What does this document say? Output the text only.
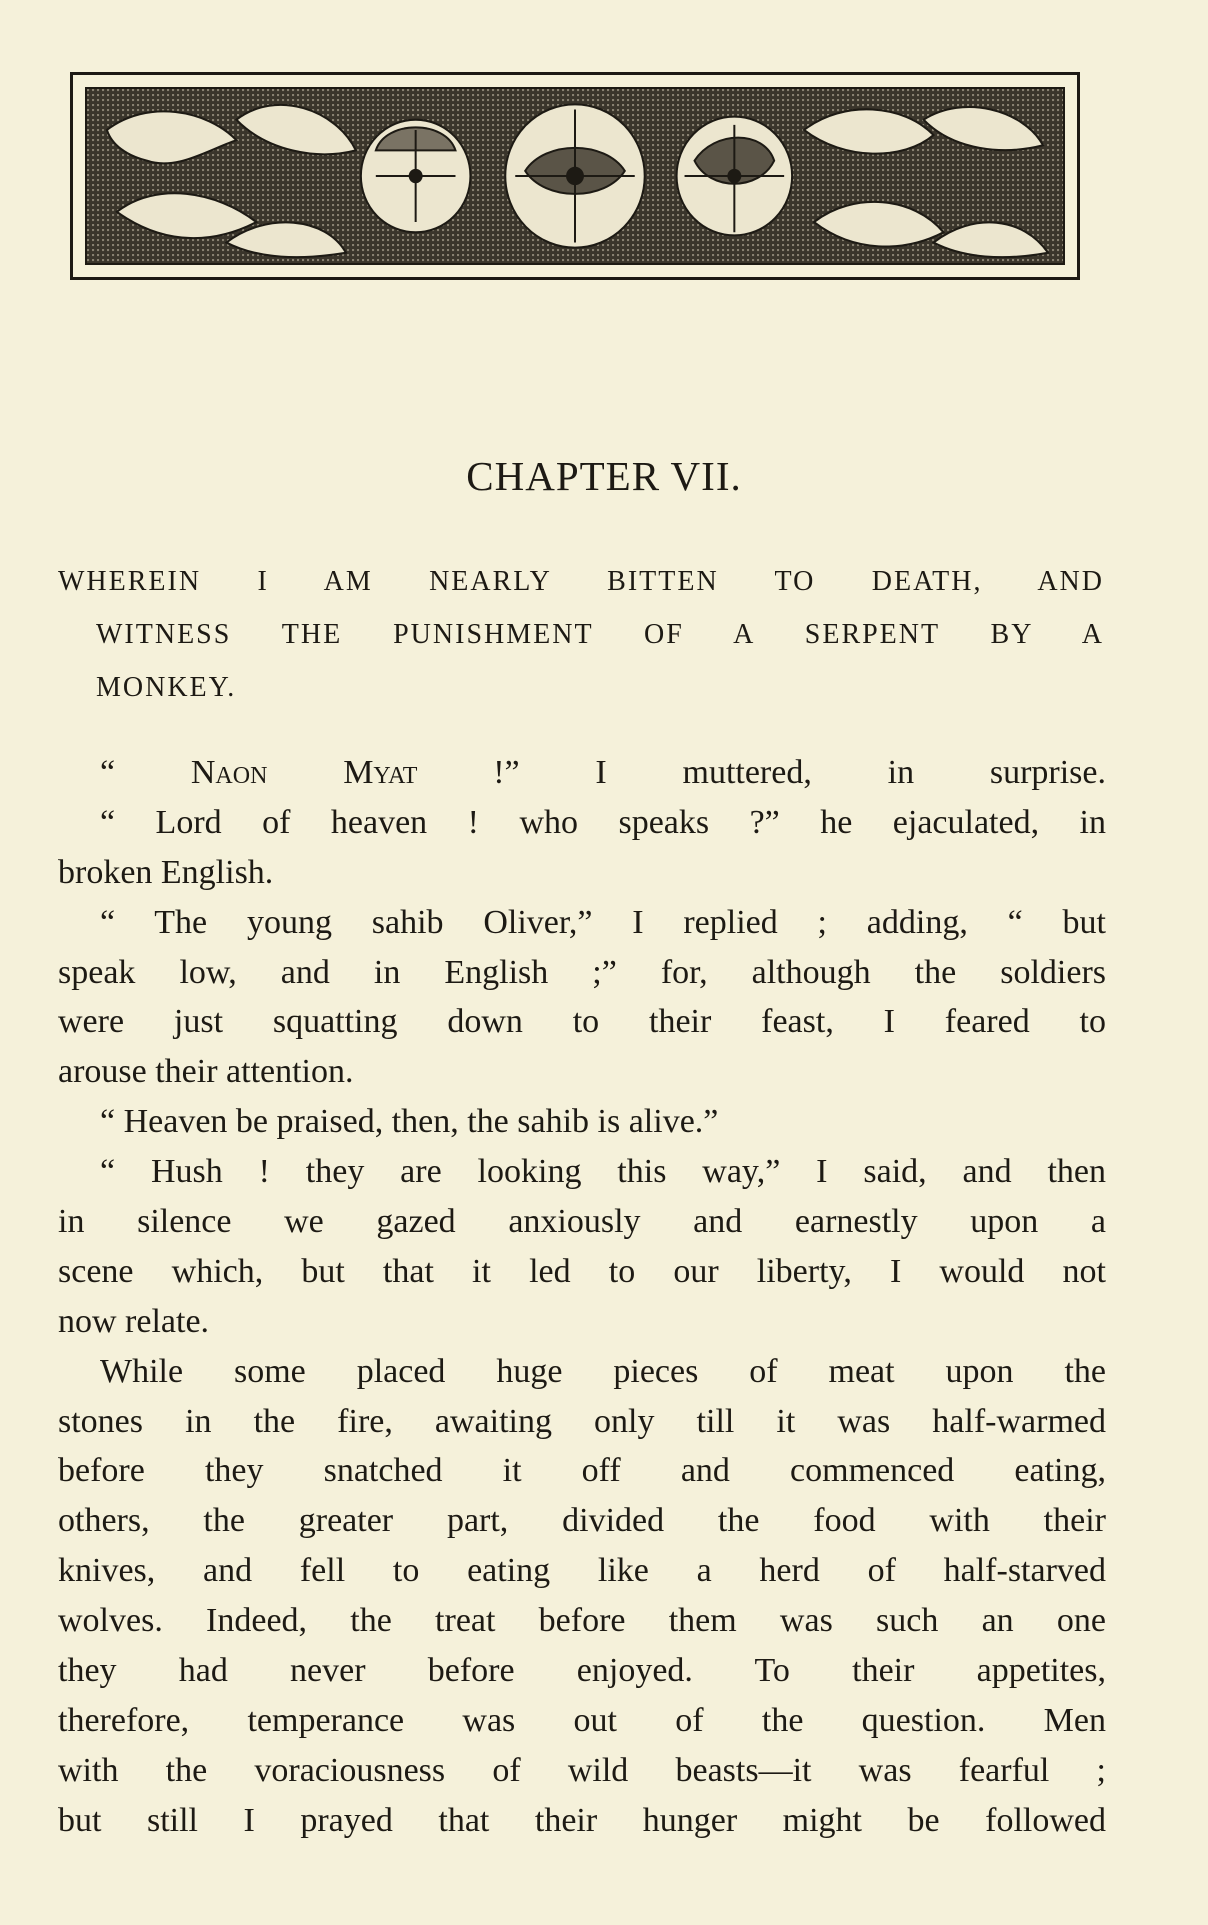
CHAPTER VII.

WHEREIN I AM NEARLY BITTEN TO DEATH, AND
WITNESS THE PUNISHMENT OF A SERPENT BY A
MONKEY.

“ Naon Myat !” I muttered, in surprise.
“ Lord of heaven ! who speaks ?” he ejaculated, in
broken English.
“ The young sahib Oliver,” I replied ; adding, “ but
speak low, and in English ;” for, although the soldiers
were just squatting down to their feast, I feared to
arouse their attention.
“ Heaven be praised, then, the sahib is alive.”
“ Hush ! they are looking this way,” I said, and then
in silence we gazed anxiously and earnestly upon a
scene which, but that it led to our liberty, I would not
now relate.
While some placed huge pieces of meat upon the
stones in the fire, awaiting only till it was half-warmed
before they snatched it off and commenced eating,
others, the greater part, divided the food with their
knives, and fell to eating like a herd of half-starved
wolves. Indeed, the treat before them was such an one
they had never before enjoyed. To their appetites,
therefore, temperance was out of the question. Men
with the voraciousness of wild beasts—it was fearful ;
but still I prayed that their hunger might be followed
